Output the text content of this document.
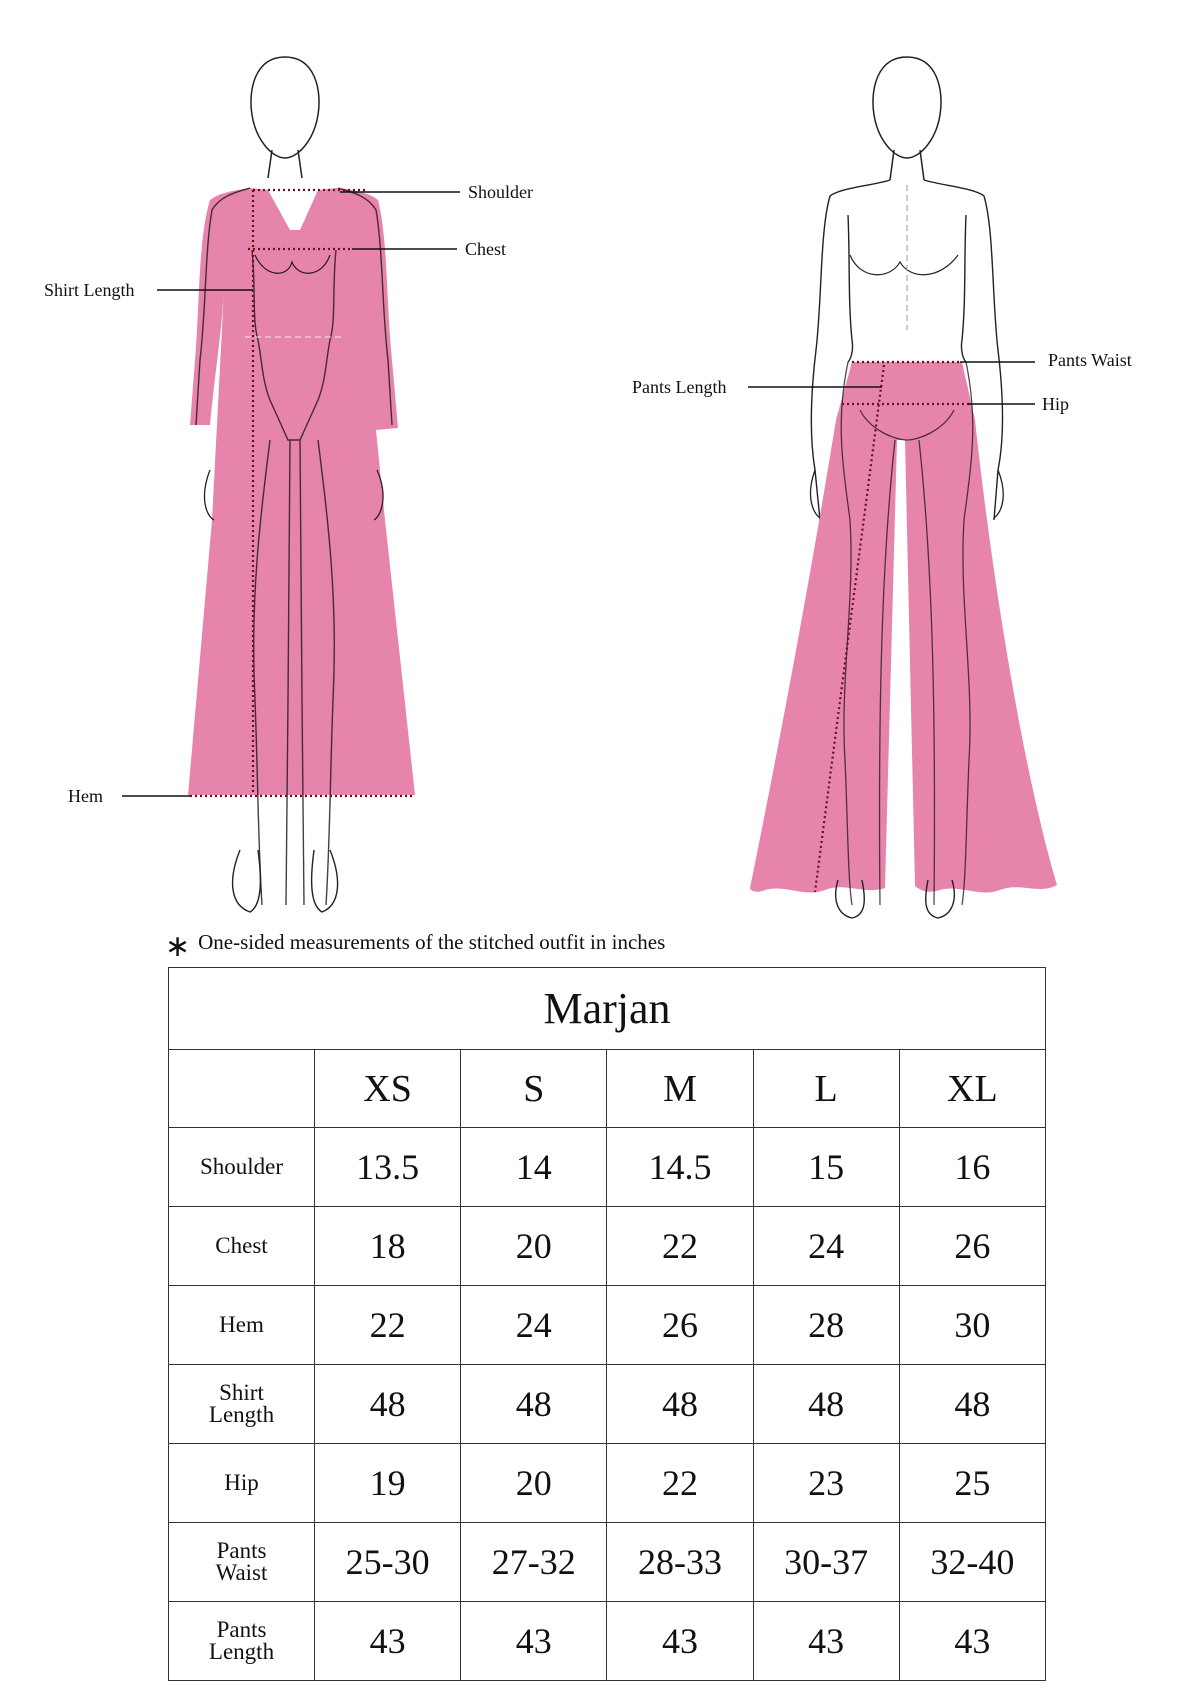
Shoulder
Chest
Shirt Length
Hem
Pants Waist
Hip
Pants Length
∗ One-sided measurements of the stitched outfit in inches
Marjan					
	XS	S	M	L	XL
Shoulder	13.5	14	14.5	15	16
Chest	18	20	22	24	26
Hem	22	24	26	28	30

Shirt
Length	48	48	48	48	48
Hip	19	20	22	23	25

Pants
Waist	25-30	27-32	28-33	30-37	32-40

Pants
Length	43	43	43	43	43
